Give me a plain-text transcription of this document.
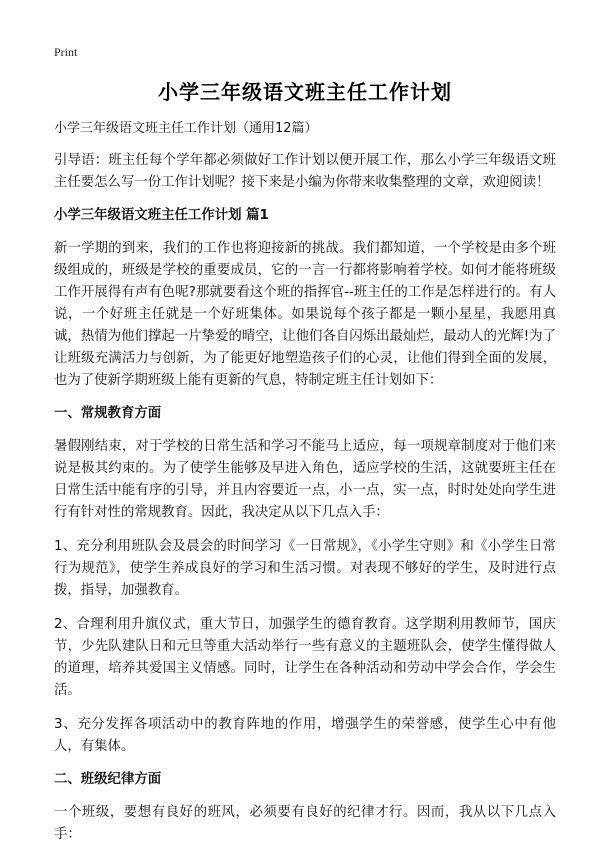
Print
小学三年级语文班主任工作计划
小学三年级语文班主任工作计划（通用12篇）

引导语：班主任每个学年都必须做好工作计划以便开展工作，那么小学三年级语文班主任要怎么写一份工作计划呢？接下来是小编为你带来收集整理的文章，欢迎阅读！

小学三年级语文班主任工作计划 篇1

新一学期的到来，我们的工作也将迎接新的挑战。我们都知道，一个学校是由多个班级组成的，班级是学校的重要成员，它的一言一行都将影响着学校。如何才能将班级工作开展得有声有色呢?那就要看这个班的指挥官--班主任的工作是怎样进行的。有人说，一个好班主任就是一个好班集体。如果说每个孩子都是一颗小星星，我愿用真诚，热情为他们撑起一片挚爱的晴空，让他们各自闪烁出最灿烂，最动人的光辉!为了让班级充满活力与创新，为了能更好地塑造孩子们的心灵，让他们得到全面的发展，也为了使新学期班级上能有更新的气息，特制定班主任计划如下：

一、常规教育方面

暑假刚结束，对于学校的日常生活和学习不能马上适应，每一项规章制度对于他们来说是极其约束的。为了使学生能够及早进入角色，适应学校的生活，这就要班主任在日常生活中能有序的引导，并且内容要近一点，小一点，实一点，时时处处向学生进行有针对性的常规教育。因此，我决定从以下几点入手：

1、充分利用班队会及晨会的时间学习《一日常规》，《小学生守则》和《小学生日常行为规范》，使学生养成良好的学习和生活习惯。对表现不够好的学生，及时进行点拨，指导，加强教育。

2、合理利用升旗仪式，重大节日，加强学生的德育教育。这学期利用教师节，国庆节，少先队建队日和元旦等重大活动举行一些有意义的主题班队会，使学生懂得做人的道理，培养其爱国主义情感。同时，让学生在各种活动和劳动中学会合作，学会生活。

3、充分发挥各项活动中的教育阵地的作用，增强学生的荣誉感，使学生心中有他人，有集体。

二、班级纪律方面

一个班级，要想有良好的班风，必须要有良好的纪律才行。因而，我从以下几点入手：
